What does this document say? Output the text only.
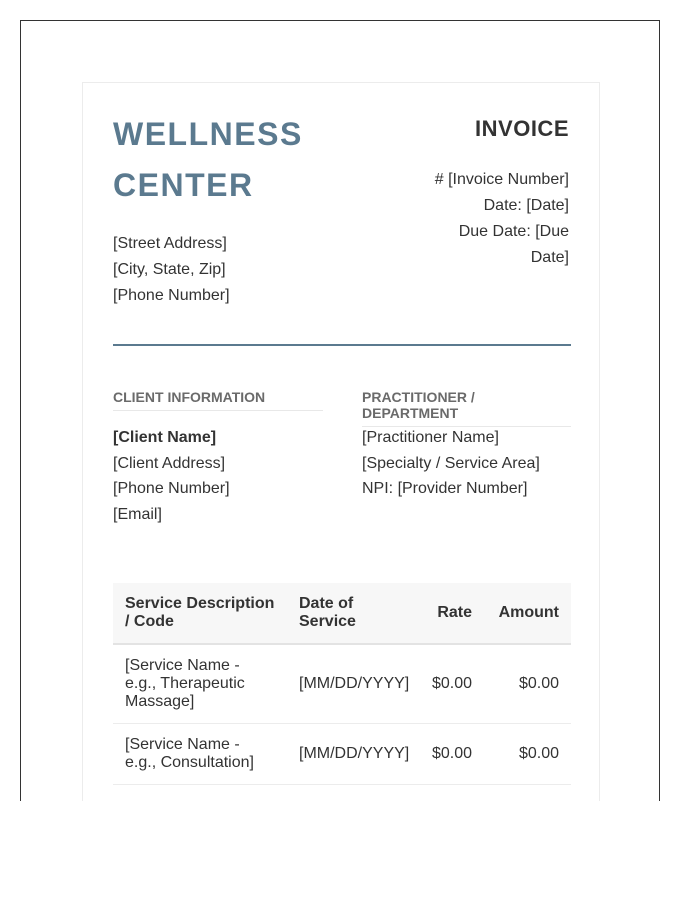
WELLNESS CENTER
[Street Address]
[City, State, Zip]
[Phone Number]
INVOICE
# [Invoice Number]
Date: [Date]
Due Date: [Due Date]
CLIENT INFORMATION	PRACTITIONER / DEPARTMENT
[Client Name]
[Client Address]
[Phone Number]
[Email]
[Practitioner Name]
[Specialty / Service Area]
NPI: [Provider Number]
Service Description / Code	Date of Service	Rate	Amount
[Service Name - e.g., Therapeutic Massage]	[MM/DD/YYYY]	$0.00	$0.00
[Service Name - e.g., Consultation]	[MM/DD/YYYY]	$0.00	$0.00
